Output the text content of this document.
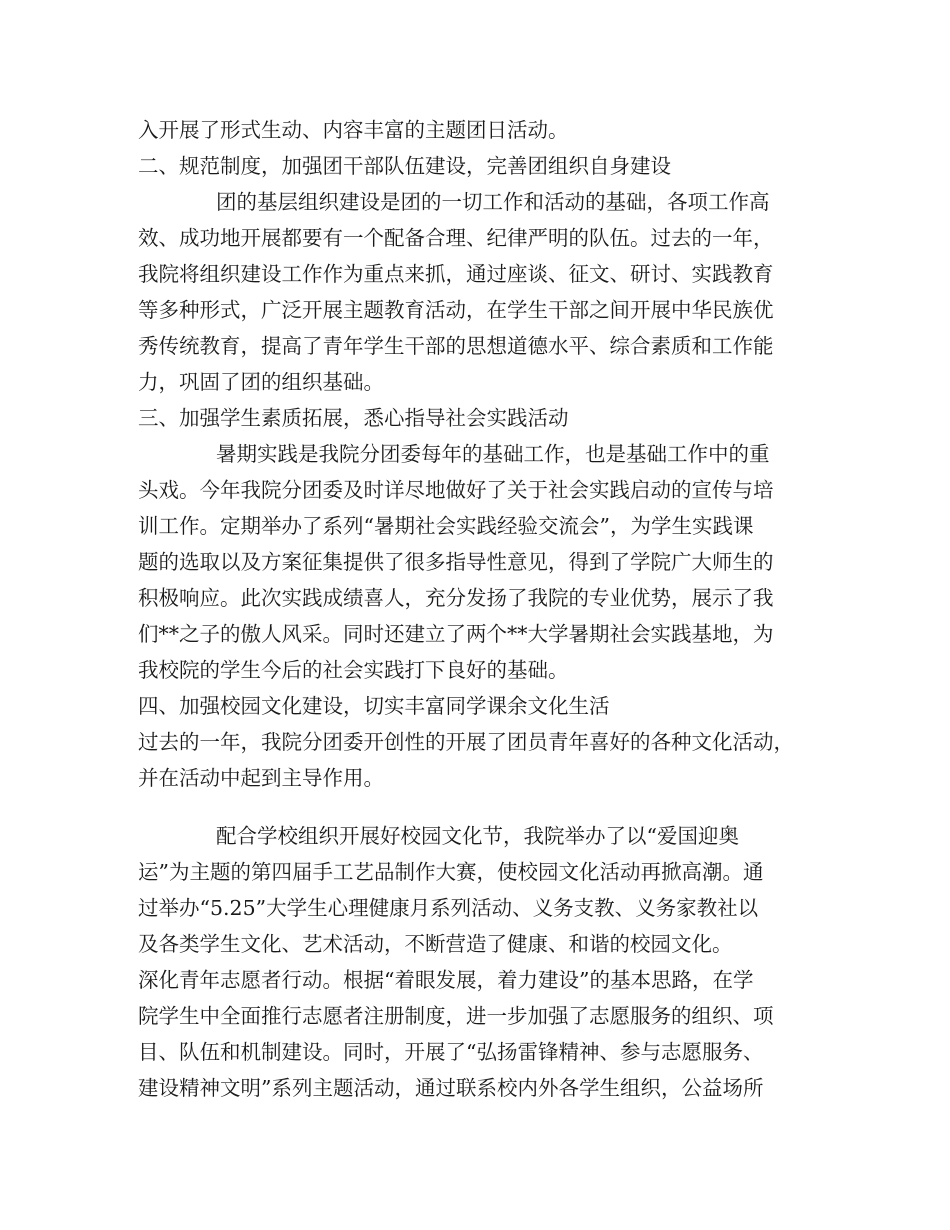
入开展了形式生动、内容丰富的主题团日活动。
二、规范制度，加强团干部队伍建设，完善团组织自身建设
团的基层组织建设是团的一切工作和活动的基础，各项工作高
效、成功地开展都要有一个配备合理、纪律严明的队伍。过去的一年，
我院将组织建设工作作为重点来抓，通过座谈、征文、研讨、实践教育
等多种形式，广泛开展主题教育活动，在学生干部之间开展中华民族优
秀传统教育，提高了青年学生干部的思想道德水平、综合素质和工作能
力，巩固了团的组织基础。
三、加强学生素质拓展，悉心指导社会实践活动
暑期实践是我院分团委每年的基础工作，也是基础工作中的重
头戏。今年我院分团委及时详尽地做好了关于社会实践启动的宣传与培
训工作。定期举办了系列“暑期社会实践经验交流会”，为学生实践课
题的选取以及方案征集提供了很多指导性意见，得到了学院广大师生的
积极响应。此次实践成绩喜人，充分发扬了我院的专业优势，展示了我
们**之子的傲人风采。同时还建立了两个**大学暑期社会实践基地，为
我校院的学生今后的社会实践打下良好的基础。
四、加强校园文化建设，切实丰富同学课余文化生活
过去的一年，我院分团委开创性的开展了团员青年喜好的各种文化活动，
并在活动中起到主导作用。
配合学校组织开展好校园文化节，我院举办了以“爱国迎奥
运”为主题的第四届手工艺品制作大赛，使校园文化活动再掀高潮。通
过举办“5.25”大学生心理健康月系列活动、义务支教、义务家教社以
及各类学生文化、艺术活动，不断营造了健康、和谐的校园文化。
深化青年志愿者行动。根据“着眼发展，着力建设”的基本思路，在学
院学生中全面推行志愿者注册制度，进一步加强了志愿服务的组织、项
目、队伍和机制建设。同时，开展了“弘扬雷锋精神、参与志愿服务、
建设精神文明”系列主题活动，通过联系校内外各学生组织，公益场所
